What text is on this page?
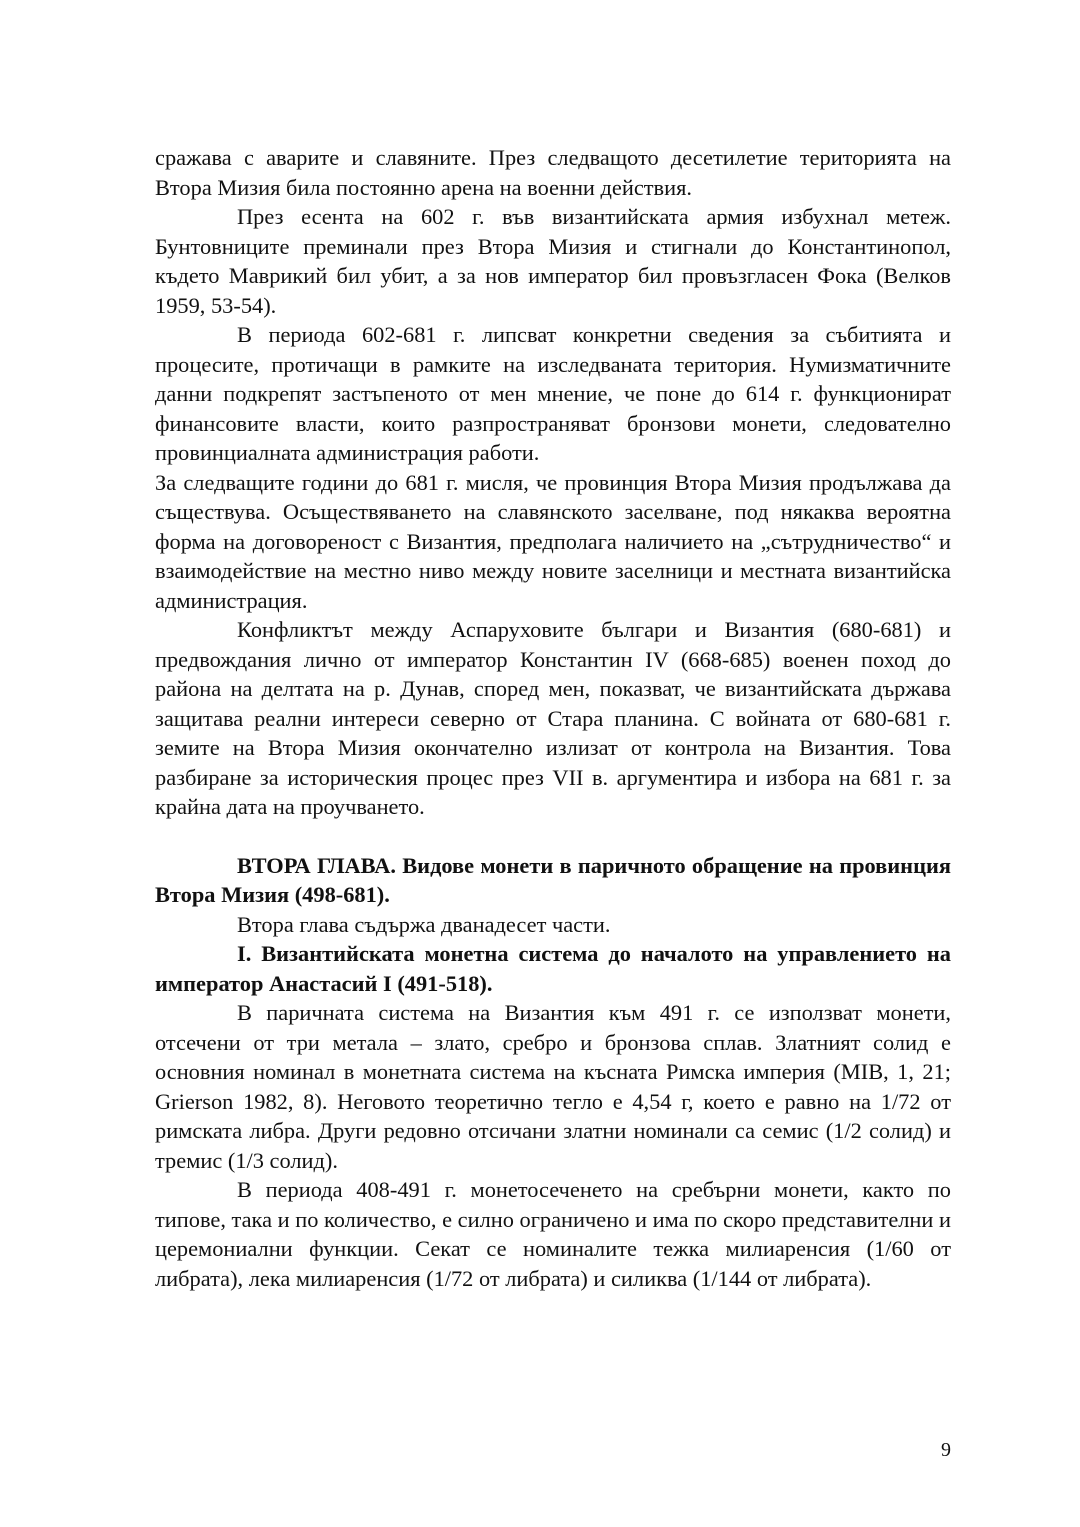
сражава с аварите и славяните. През следващото десетилетие територията на Втора Мизия била постоянно арена на военни действия.

През есента на 602 г. във византийската армия избухнал метеж. Бунтовниците преминали през Втора Мизия и стигнали до Константинопол, където Маврикий бил убит, а за нов император бил провъзгласен Фока (Велков 1959, 53-54).

В периода 602-681 г. липсват конкретни сведения за събитията и процесите, протичащи в рамките на изследваната територия. Нумизматичните данни подкрепят застъпеното от мен мнение, че поне до 614 г. функционират финансовите власти, които разпространяват бронзови монети, следователно провинциалната администрация работи.

За следващите години до 681 г. мисля, че провинция Втора Мизия продължава да съществува. Осъществяването на славянското заселване, под някаква вероятна форма на договореност с Византия, предполага наличието на „сътрудничество“ и взаимодействие на местно ниво между новите заселници и местната византийска администрация.

Конфликтът между Аспаруховите българи и Византия (680-681) и предвождания лично от император Константин IV (668-685) военен поход до района на делтата на р. Дунав, според мен, показват, че византийската държава защитава реални интереси северно от Стара планина. С войната от 680-681 г. земите на Втора Мизия окончателно излизат от контрола на Византия. Това разбиране за историческия процес през VII в. аргументира и избора на 681 г. за крайна дата на проучването.

ВТОРА ГЛАВА. Видове монети в паричното обращение на провинция Втора Мизия (498-681).

Втора глава съдържа дванадесет части.

I. Византийската монетна система до началото на управлението на император Анастасий I (491-518).

В паричната система на Византия към 491 г. се използват монети, отсечени от три метала – злато, сребро и бронзова сплав. Златният солид е основния номинал в монетната система на късната Римска империя (MIB, 1, 21; Grierson 1982, 8). Неговото теоретично тегло е 4,54 г, което е равно на 1/72 от римската либра. Други редовно отсичани златни номинали са семис (1/2 солид) и тремис (1/3 солид).

В периода 408-491 г. монетосеченето на сребърни монети, както по типове, така и по количество, е силно ограничено и има по скоро представителни и церемониални функции. Секат се номиналите тежка милиаренсия (1/60 от либрата), лека милиаренсия (1/72 от либрата) и силиква (1/144 от либрата).

9
